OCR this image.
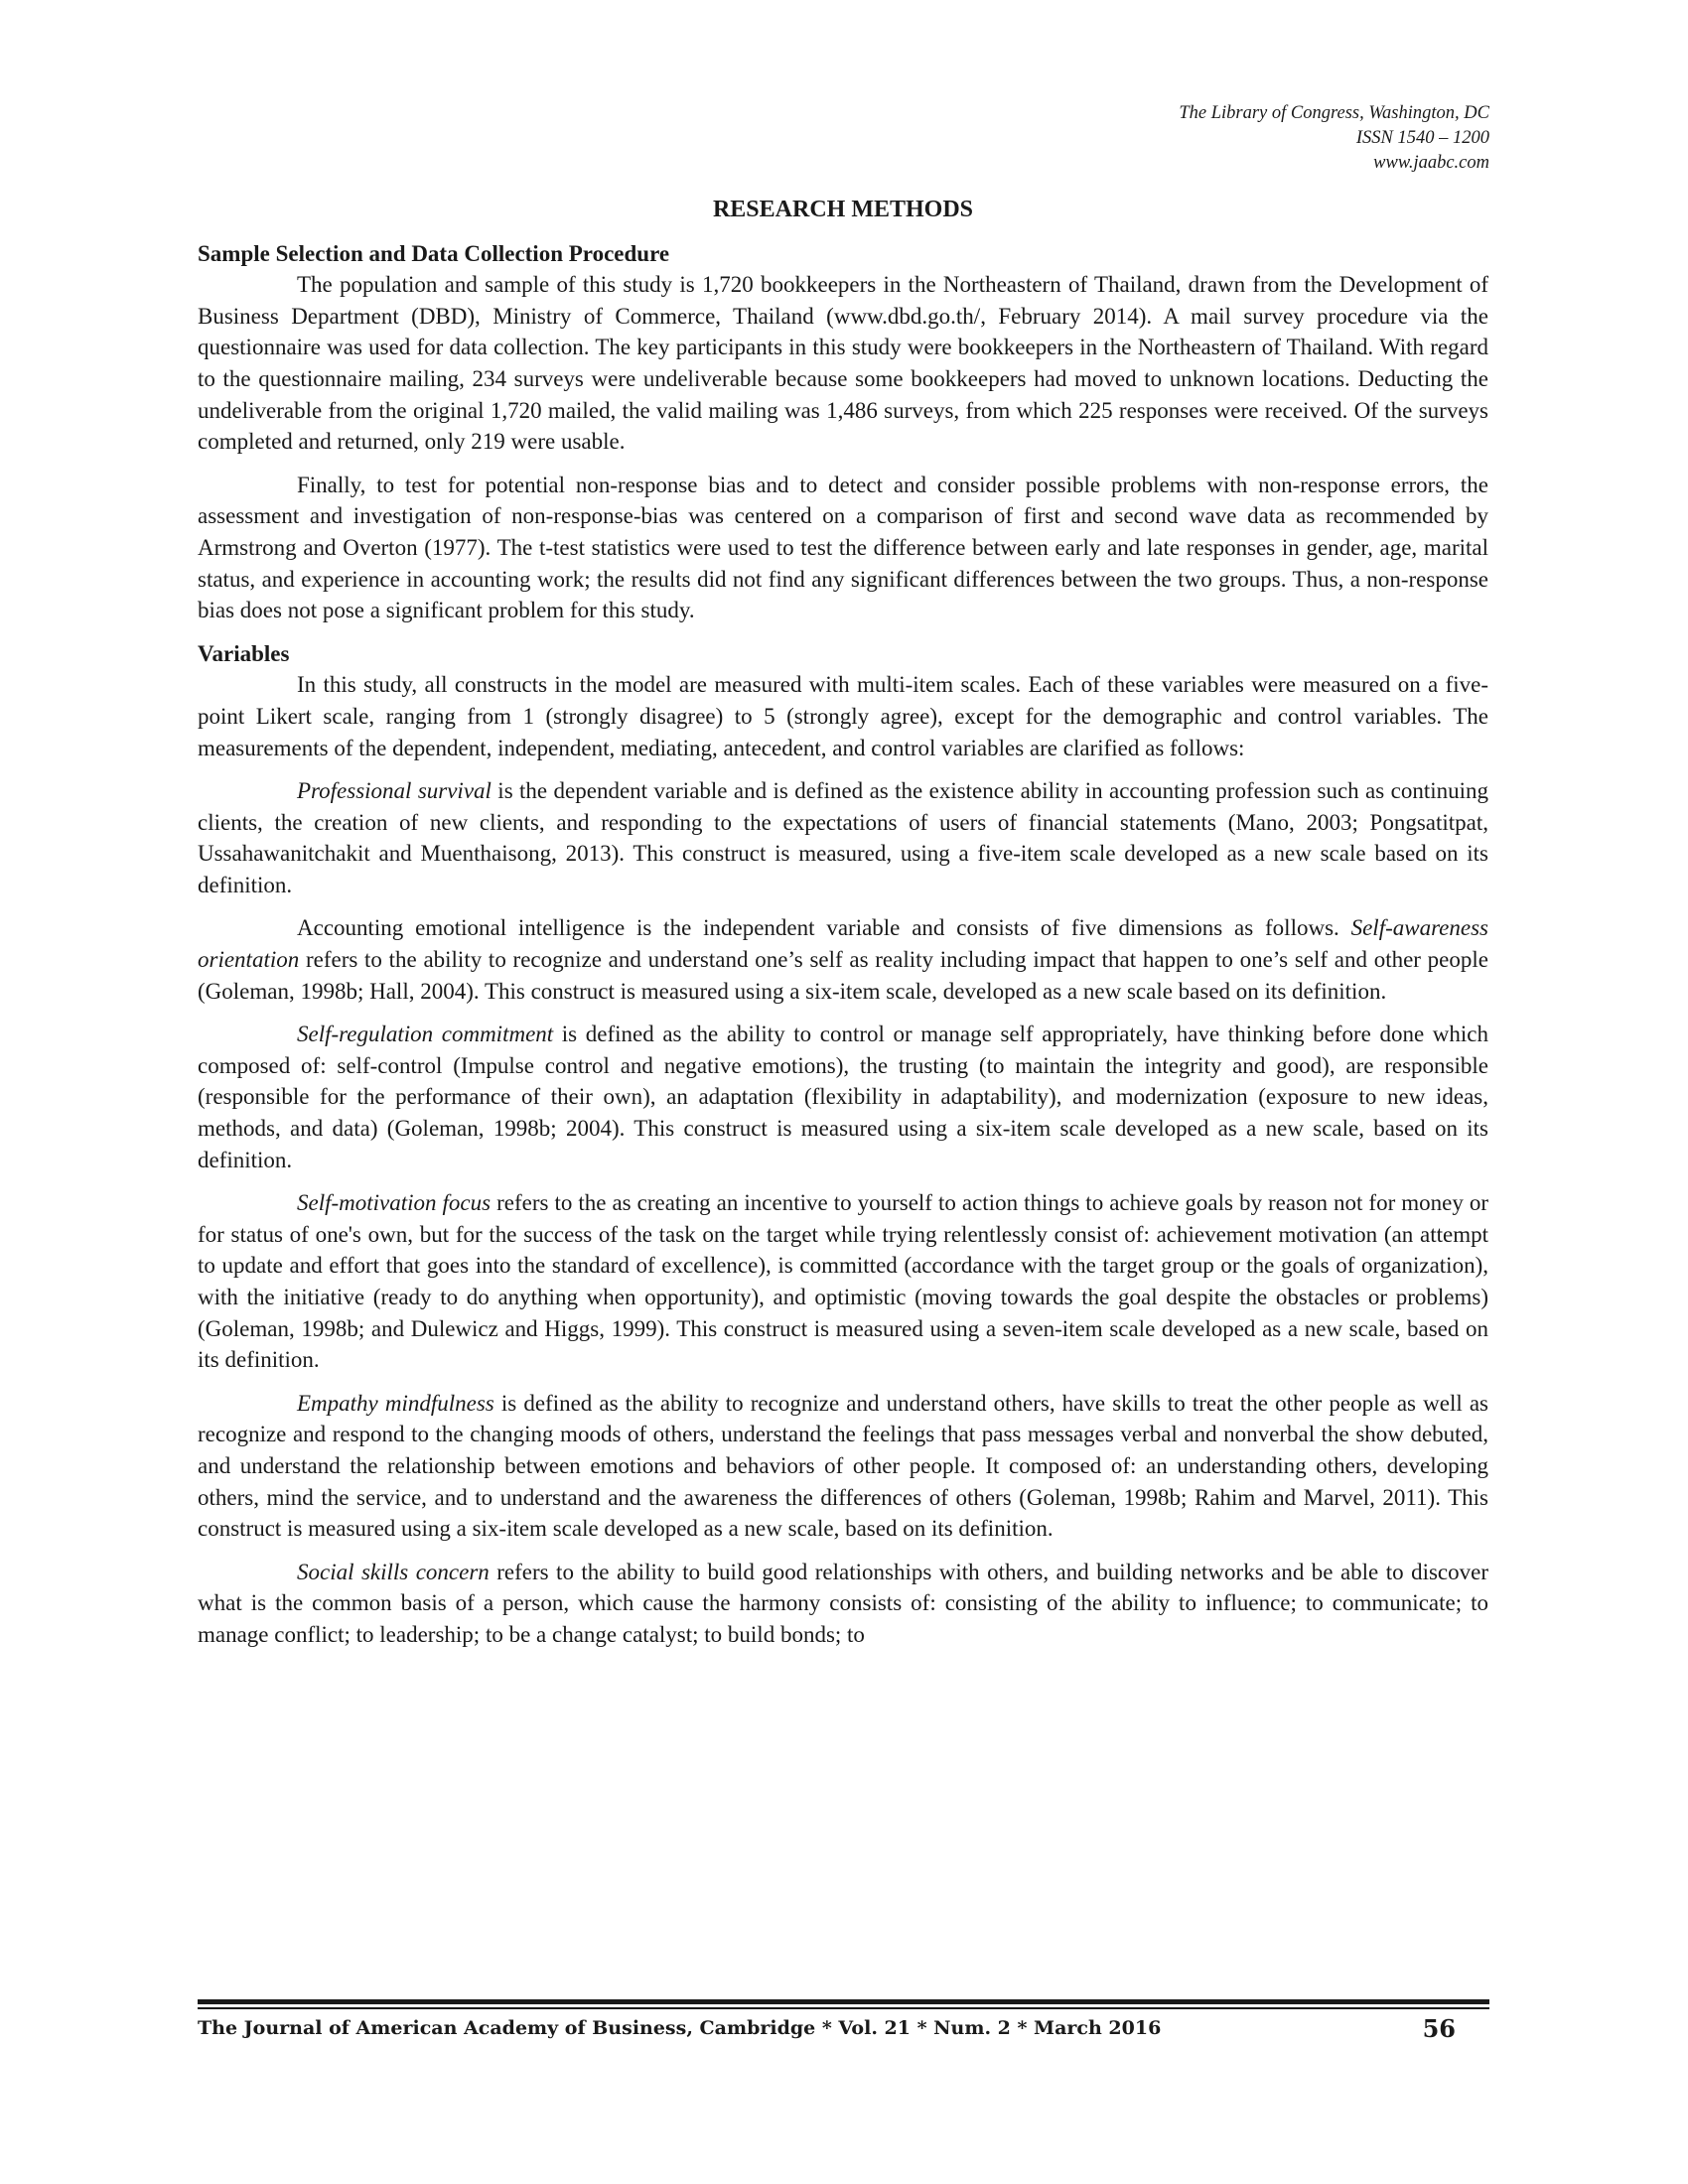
The Library of Congress, Washington, DC
ISSN 1540 – 1200
www.jaabc.com
RESEARCH METHODS
Sample Selection and Data Collection Procedure

The population and sample of this study is 1,720 bookkeepers in the Northeastern of Thailand, drawn from the Development of Business Department (DBD), Ministry of Commerce, Thailand (www.dbd.go.th/, February 2014). A mail survey procedure via the questionnaire was used for data collection. The key participants in this study were bookkeepers in the Northeastern of Thailand. With regard to the questionnaire mailing, 234 surveys were undeliverable because some bookkeepers had moved to unknown locations. Deducting the undeliverable from the original 1,720 mailed, the valid mailing was 1,486 surveys, from which 225 responses were received. Of the surveys completed and returned, only 219 were usable.

Finally, to test for potential non-response bias and to detect and consider possible problems with non-response errors, the assessment and investigation of non-response-bias was centered on a comparison of first and second wave data as recommended by Armstrong and Overton (1977). The t-test statistics were used to test the difference between early and late responses in gender, age, marital status, and experience in accounting work; the results did not find any significant differences between the two groups. Thus, a non-response bias does not pose a significant problem for this study.

Variables

In this study, all constructs in the model are measured with multi-item scales. Each of these variables were measured on a five-point Likert scale, ranging from 1 (strongly disagree) to 5 (strongly agree), except for the demographic and control variables. The measurements of the dependent, independent, mediating, antecedent, and control variables are clarified as follows:

Professional survival is the dependent variable and is defined as the existence ability in accounting profession such as continuing clients, the creation of new clients, and responding to the expectations of users of financial statements (Mano, 2003; Pongsatitpat, Ussahawanitchakit and Muenthaisong, 2013). This construct is measured, using a five-item scale developed as a new scale based on its definition.

Accounting emotional intelligence is the independent variable and consists of five dimensions as follows. Self-awareness orientation refers to the ability to recognize and understand one’s self as reality including impact that happen to one’s self and other people (Goleman, 1998b; Hall, 2004). This construct is measured using a six-item scale, developed as a new scale based on its definition.

Self-regulation commitment is defined as the ability to control or manage self appropriately, have thinking before done which composed of: self-control (Impulse control and negative emotions), the trusting (to maintain the integrity and good), are responsible (responsible for the performance of their own), an adaptation (flexibility in adaptability), and modernization (exposure to new ideas, methods, and data) (Goleman, 1998b; 2004). This construct is measured using a six-item scale developed as a new scale, based on its definition.

Self-motivation focus refers to the as creating an incentive to yourself to action things to achieve goals by reason not for money or for status of one's own, but for the success of the task on the target while trying relentlessly consist of: achievement motivation (an attempt to update and effort that goes into the standard of excellence), is committed (accordance with the target group or the goals of organization), with the initiative (ready to do anything when opportunity), and optimistic (moving towards the goal despite the obstacles or problems) (Goleman, 1998b; and Dulewicz and Higgs, 1999). This construct is measured using a seven-item scale developed as a new scale, based on its definition.

Empathy mindfulness is defined as the ability to recognize and understand others, have skills to treat the other people as well as recognize and respond to the changing moods of others, understand the feelings that pass messages verbal and nonverbal the show debuted, and understand the relationship between emotions and behaviors of other people. It composed of: an understanding others, developing others, mind the service, and to understand and the awareness the differences of others (Goleman, 1998b; Rahim and Marvel, 2011). This construct is measured using a six-item scale developed as a new scale, based on its definition.

Social skills concern refers to the ability to build good relationships with others, and building networks and be able to discover what is the common basis of a person, which cause the harmony consists of: consisting of the ability to influence; to communicate; to manage conflict; to leadership; to be a change catalyst; to build bonds; to

The Journal of American Academy of Business, Cambridge * Vol. 21 * Num. 2 * March 2016	56
